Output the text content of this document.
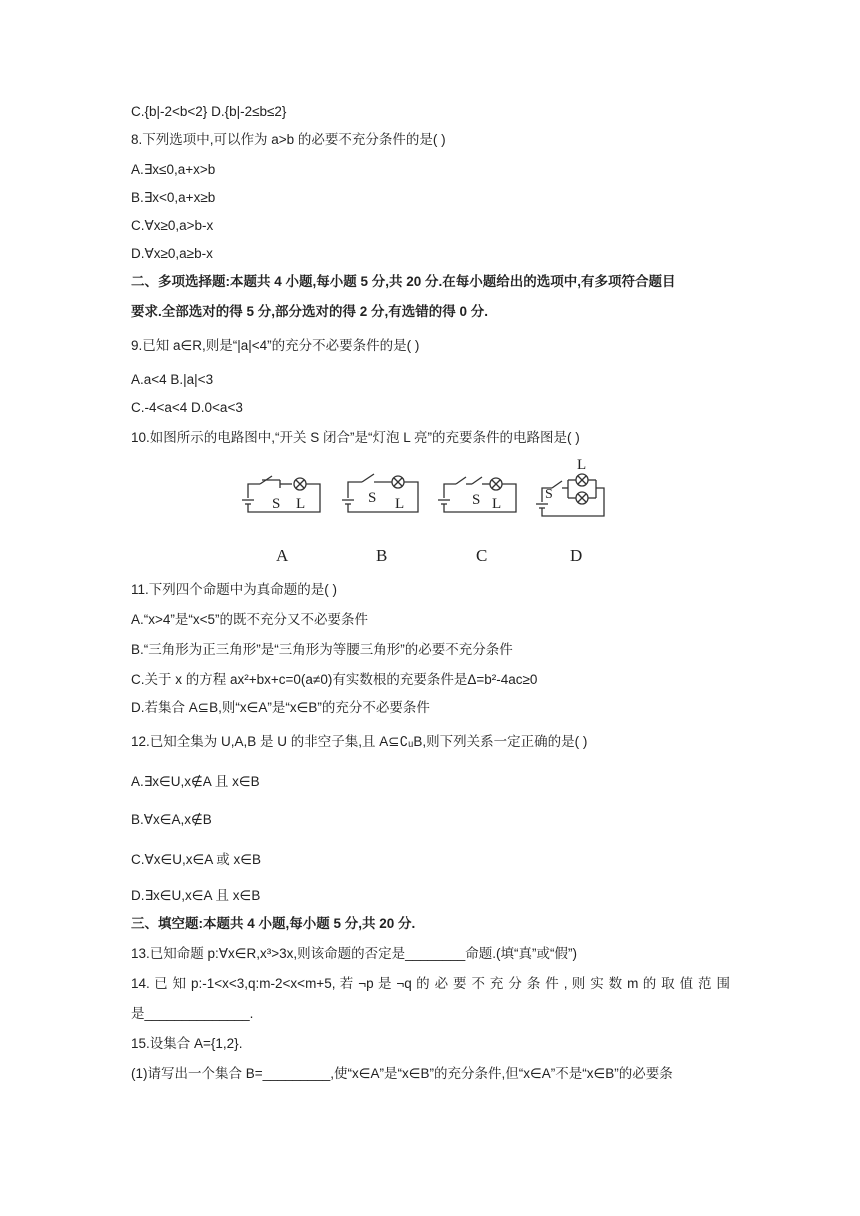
C.{b|-2<b<2} D.{b|-2≤b≤2}

8.下列选项中,可以作为 a>b 的必要不充分条件的是( )

A.∃x≤0,a+x>b

B.∃x<0,a+x≥b

C.∀x≥0,a>b-x

D.∀x≥0,a≥b-x

二、多项选择题:本题共 4 小题,每小题 5 分,共 20 分.在每小题给出的选项中,有多项符合题目

要求.全部选对的得 5 分,部分选对的得 2 分,有选错的得 0 分.

9.已知 a∈R,则是“|a|<4”的充分不必要条件的是( )

A.a<4 B.|a|<3

C.-4<a<4 D.0<a<3

10.如图所示的电路图中,“开关 S 闭合”是“灯泡 L 亮”的充要条件的电路图是( )

S L	S L	S L
S
L
A	B	C	D

11.下列四个命题中为真命题的是( )

A.“x>4”是“x<5”的既不充分又不必要条件

B.“三角形为正三角形”是“三角形为等腰三角形”的必要不充分条件

C.关于 x 的方程 ax²+bx+c=0(a≠0)有实数根的充要条件是Δ=b²-4ac≥0

D.若集合 A⊆B,则“x∈A”是“x∈B”的充分不必要条件

12.已知全集为 U,A,B 是 U 的非空子集,且 A⊆∁ᵤB,则下列关系一定正确的是( )

A.∃x∈U,x∉A 且 x∈B

B.∀x∈A,x∉B

C.∀x∈U,x∈A 或 x∈B

D.∃x∈U,x∈A 且 x∈B

三、填空题:本题共 4 小题,每小题 5 分,共 20 分.

13.已知命题 p:∀x∈R,x³>3x,则该命题的否定是________命题.(填“真”或“假”)

14. 已 知 p:-1<x<3,q:m-2<x<m+5, 若 ¬p 是 ¬q 的 必 要 不 充 分 条 件 , 则 实 数 m 的 取 值 范 围

是______________.

15.设集合 A={1,2}.

(1)请写出一个集合 B=_________,使“x∈A”是“x∈B”的充分条件,但“x∈A”不是“x∈B”的必要条
